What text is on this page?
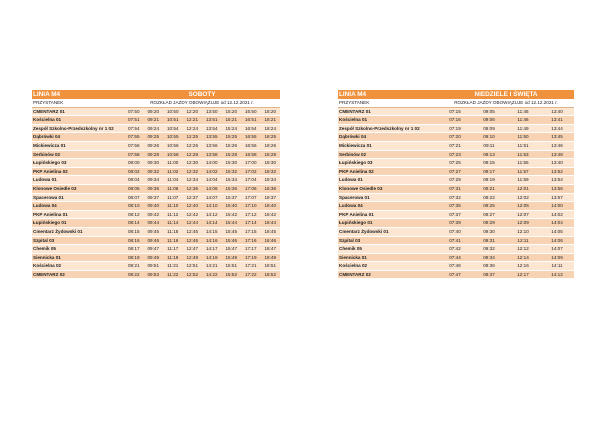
LINIA M4	SOBOTY							
PRZYSTANEK	ROZKŁAD JAZDY OBOWIĄZUJE od 12.12.2021 r.							
CMENTARZ 01	07:50	09:20	10:50	12:20	13:50	15:20	16:50	18:20
Kościelna 01	07:51	09:21	10:51	12:21	13:51	15:21	16:51	18:21
Zespół Szkolno-Przedszkolny nr 1 02	07:54	09:24	10:54	12:24	13:54	15:24	16:54	18:24
Dąbrówki 04	07:55	09:25	10:55	12:25	13:55	15:25	16:55	18:25
Mickiewicza 01	07:56	09:26	10:56	12:26	13:56	15:26	16:56	18:26
Serbinów 02	07:58	09:28	10:58	12:28	13:58	15:28	16:58	18:28
Łupińskiego 03	08:00	09:30	11:00	12:30	14:00	15:30	17:00	18:30
PKP Anielina 02	08:02	09:32	11:02	12:32	14:02	15:32	17:02	18:32
Ludowa 01	08:04	09:34	11:04	12:34	14:04	15:34	17:04	18:34
Klonowe Osiedle 03	08:06	09:36	11:06	12:36	14:06	15:36	17:06	18:36
Spacerowa 01	08:07	09:37	11:07	12:37	14:07	15:37	17:07	18:37
Ludowa 04	08:10	09:40	11:10	12:40	14:10	15:40	17:10	18:40
PKP Anielina 01	08:12	09:42	11:12	12:42	14:12	15:42	17:12	18:42
Łupińskiego 01	08:14	09:44	11:14	12:44	14:14	15:44	17:14	18:44
Cmentarz Żydowski 01	08:15	09:45	11:15	12:45	14:15	15:45	17:15	18:45
Szpital 03	08:16	09:46	11:16	12:46	14:16	15:46	17:16	18:46
Chemik 05	08:17	09:47	11:17	12:47	14:17	15:47	17:17	18:47
Siennicka 01	08:19	09:49	11:19	12:49	14:19	15:49	17:19	18:49
Kościelna 02	08:21	09:51	11:21	12:51	14:21	15:51	17:21	18:51
CMENTARZ 02	08:22	09:53	11:22	12:52	14:22	15:52	17:22	18:52
LINIA M4	NIEDZIELE I ŚWIĘTA			
PRZYSTANEK	ROZKŁAD JAZDY OBOWIĄZUJE od 12.12.2021 r.			
CMENTARZ 01	07:15	09:05	11:45	13:40
Kościelna 01	07:16	09:06	11:46	13:41
Zespół Szkolno-Przedszkolny nr 1 02	07:19	09:09	11:49	13:44
Dąbrówki 04	07:20	09:10	11:50	13:45
Mickiewicza 01	07:21	09:11	11:51	13:46
Serbinów 02	07:23	09:13	11:53	13:48
Łupińskiego 03	07:25	09:15	11:55	13:40
PKP Anielina 02	07:27	09:17	11:57	13:52
Ludowa 01	07:29	09:19	11:59	13:54
Klonowe Osiedle 03	07:31	09:21	12:01	13:56
Spacerowa 01	07:32	09:22	12:02	13:57
Ludowa 04	07:35	09:25	12:05	14:00
PKP Anielina 01	07:37	09:27	12:07	14:02
Łupińskiego 01	07:39	09:29	12:09	14:04
Cmentarz Żydowski 01	07:40	09:30	12:10	14:05
Szpital 03	07:41	09:31	12:11	14:06
Chemik 05	07:42	09:32	12:12	14:07
Siennicka 01	07:44	09:34	12:14	14:09
Kościelna 02	07:46	09:36	12:16	14:11
CMENTARZ 02	07:47	09:37	12:17	14:12
